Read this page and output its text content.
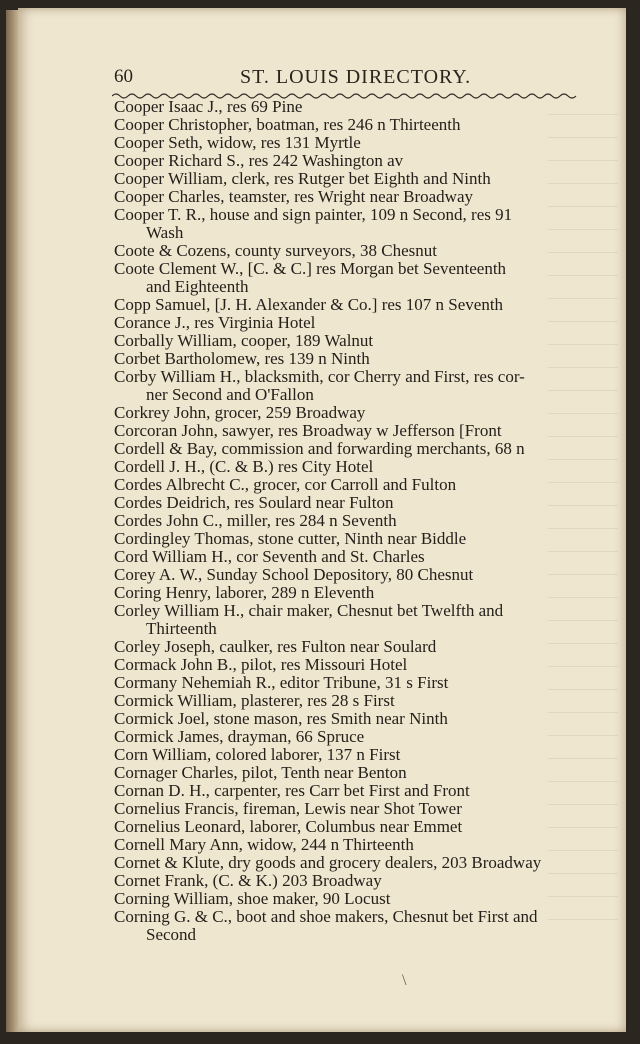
60	ST. LOUIS DIRECTORY.

Cooper Isaac J., res 69 Pine

Cooper Christopher, boatman, res 246 n Thirteenth

Cooper Seth, widow, res 131 Myrtle

Cooper Richard S., res 242 Washington av

Cooper William, clerk, res Rutger bet Eighth and Ninth

Cooper Charles, teamster, res Wright near Broadway

Cooper T. R., house and sign painter, 109 n Second, res 91
Wash

Coote & Cozens, county surveyors, 38 Chesnut

Coote Clement W., [C. & C.] res Morgan bet Seventeenth
and Eighteenth

Copp Samuel, [J. H. Alexander & Co.] res 107 n Seventh

Corance J., res Virginia Hotel

Corbally William, cooper, 189 Walnut

Corbet Bartholomew, res 139 n Ninth

Corby William H., blacksmith, cor Cherry and First, res cor-
ner Second and O'Fallon

Corkrey John, grocer, 259 Broadway

Corcoran John, sawyer, res Broadway w Jefferson [Front

Cordell & Bay, commission and forwarding merchants, 68 n

Cordell J. H., (C. & B.) res City Hotel

Cordes Albrecht C., grocer, cor Carroll and Fulton

Cordes Deidrich, res Soulard near Fulton

Cordes John C., miller, res 284 n Seventh

Cordingley Thomas, stone cutter, Ninth near Biddle

Cord William H., cor Seventh and St. Charles

Corey A. W., Sunday School Depository, 80 Chesnut

Coring Henry, laborer, 289 n Eleventh

Corley William H., chair maker, Chesnut bet Twelfth and
Thirteenth

Corley Joseph, caulker, res Fulton near Soulard

Cormack John B., pilot, res Missouri Hotel

Cormany Nehemiah R., editor Tribune, 31 s First

Cormick William, plasterer, res 28 s First

Cormick Joel, stone mason, res Smith near Ninth

Cormick James, drayman, 66 Spruce

Corn William, colored laborer, 137 n First

Cornager Charles, pilot, Tenth near Benton

Cornan D. H., carpenter, res Carr bet First and Front

Cornelius Francis, fireman, Lewis near Shot Tower

Cornelius Leonard, laborer, Columbus near Emmet

Cornell Mary Ann, widow, 244 n Thirteenth

Cornet & Klute, dry goods and grocery dealers, 203 Broadway

Cornet Frank, (C. & K.) 203 Broadway

Corning William, shoe maker, 90 Locust

Corning G. & C., boot and shoe makers, Chesnut bet First and
Second

\
